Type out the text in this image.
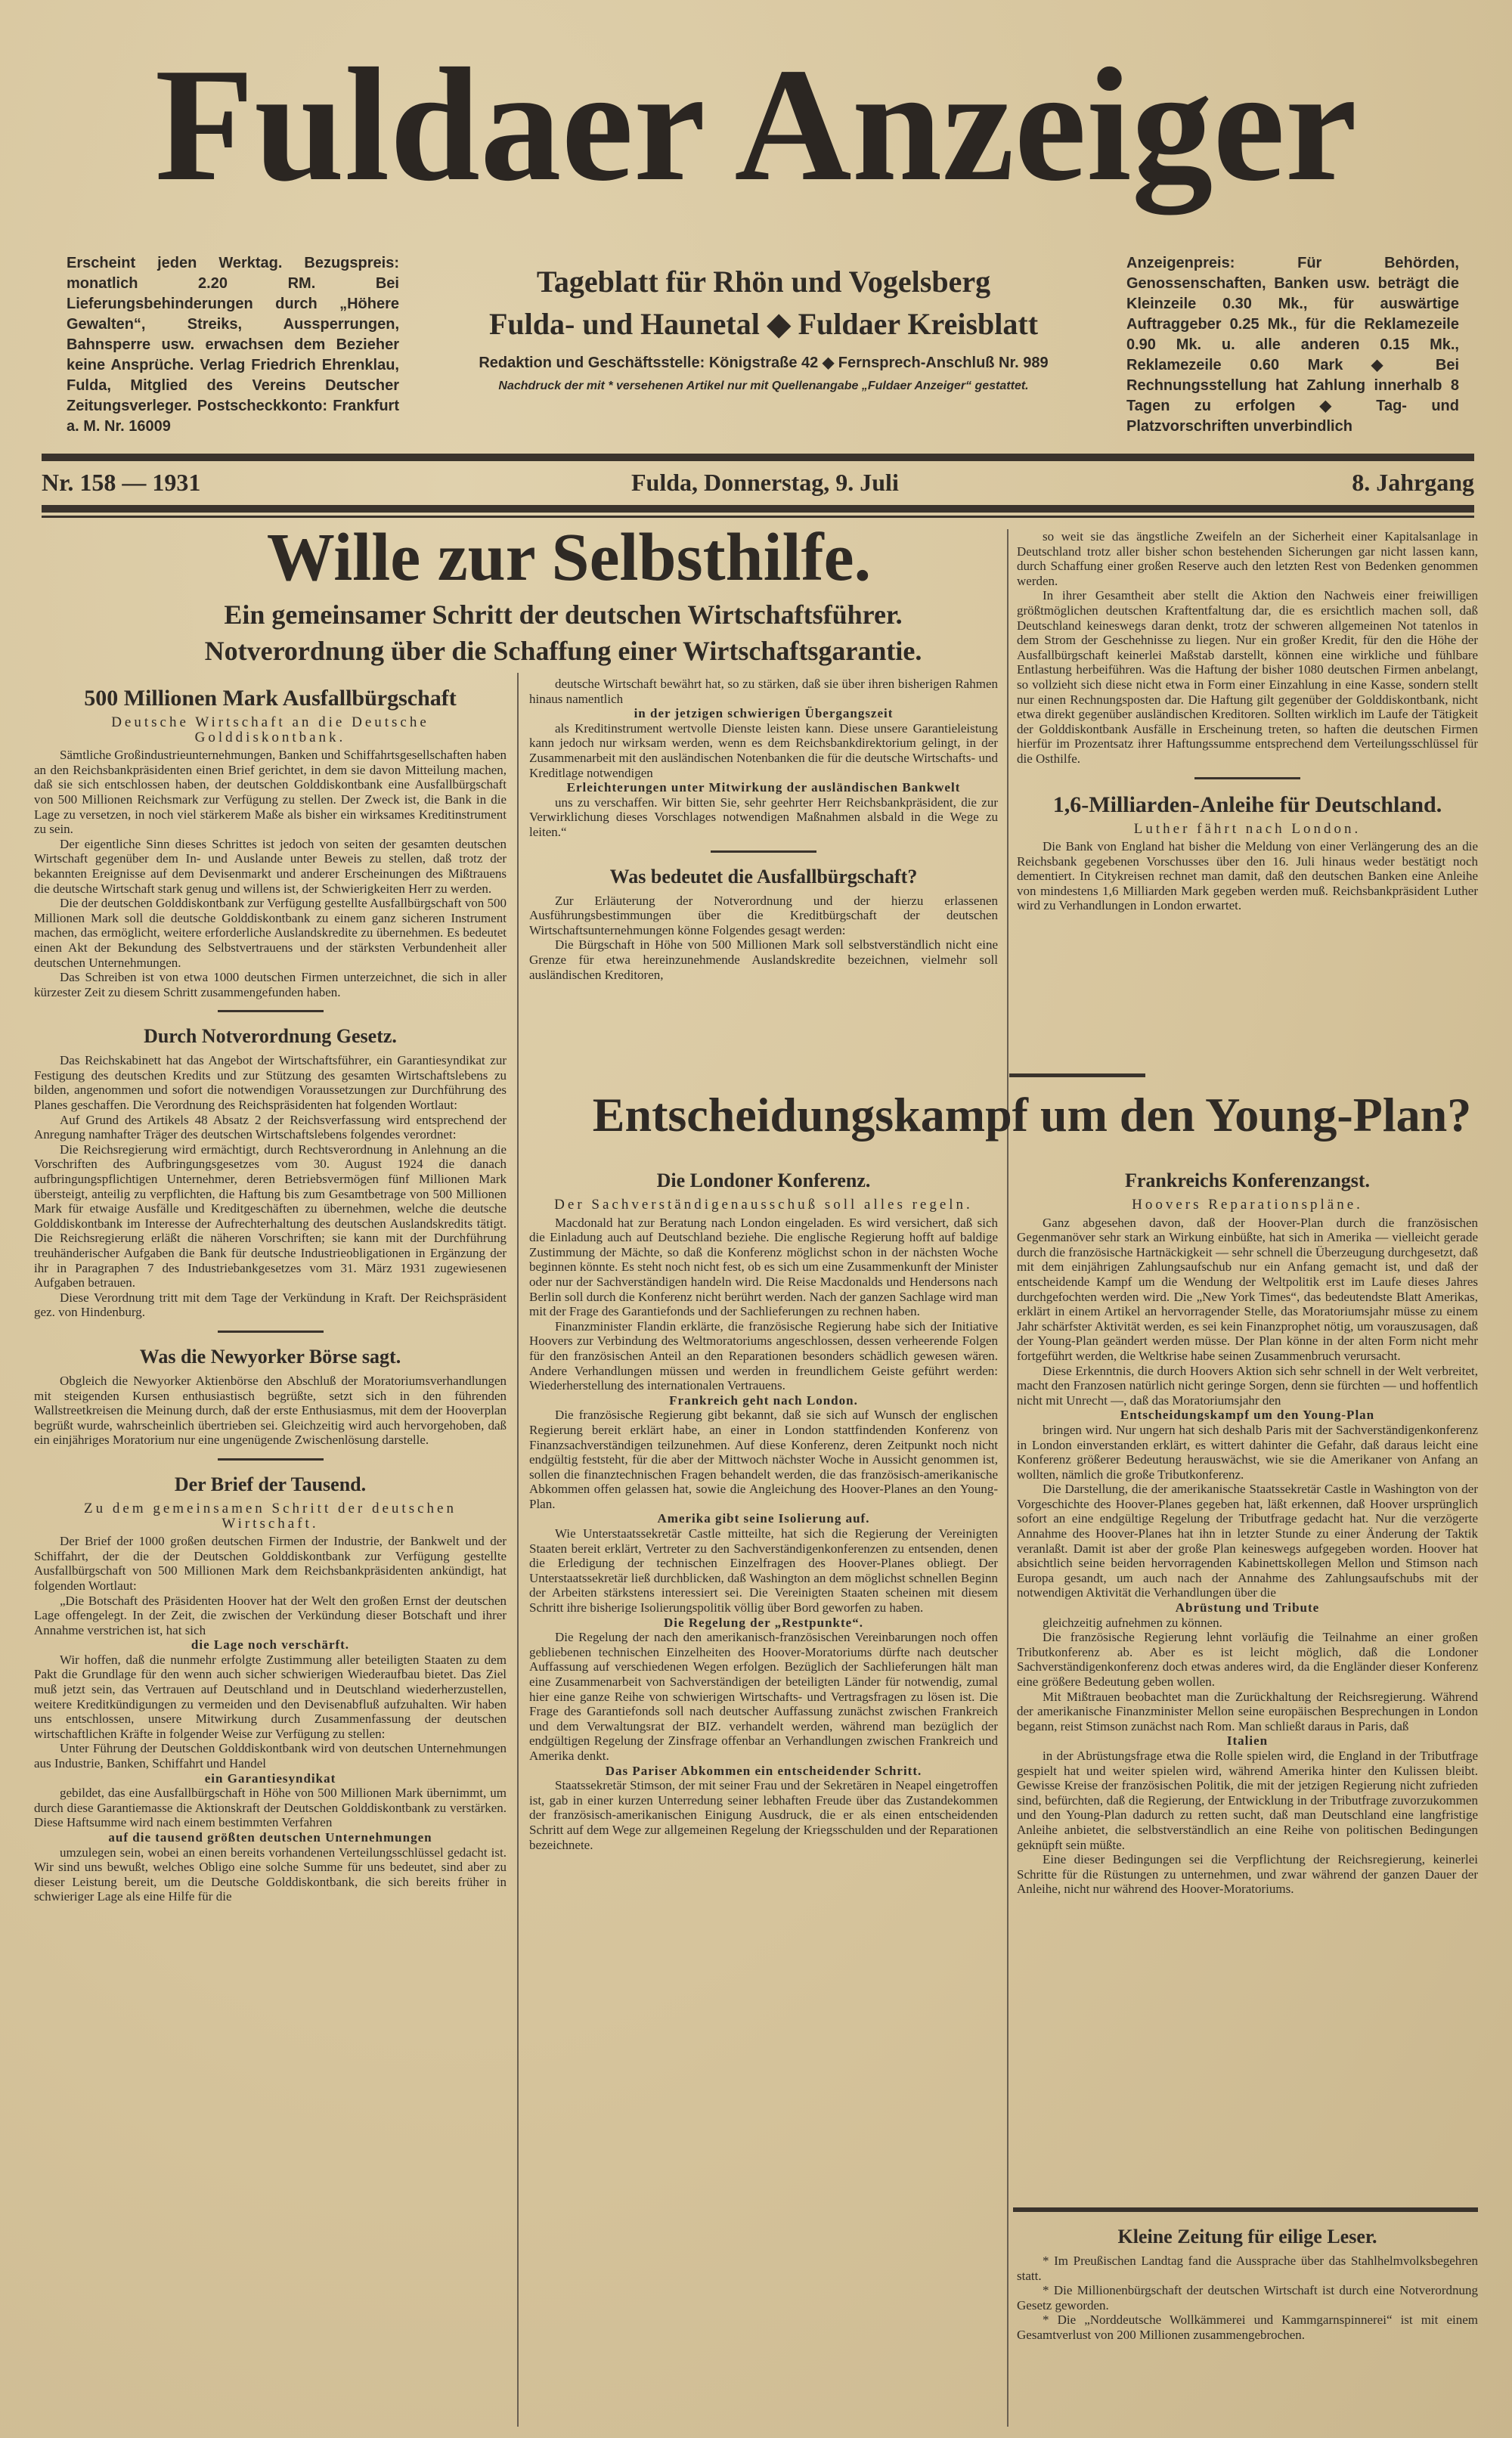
Fuldaer Anzeiger
Erscheint jeden Werktag. Bezugspreis: monatlich 2.20 RM. Bei Lieferungsbehinderungen durch „Höhere Gewalten“, Streiks, Aussperrungen, Bahnsperre usw. erwachsen dem Bezieher keine Ansprüche. Verlag Friedrich Ehrenklau, Fulda, Mitglied des Vereins Deutscher Zeitungsverleger. Postscheckkonto: Frankfurt a. M. Nr. 16009
Tageblatt für Rhön und Vogelsberg
Fulda- und Haunetal ◆ Fuldaer Kreisblatt
Redaktion und Geschäftsstelle: Königstraße 42 ◆ Fernsprech-Anschluß Nr. 989
Nachdruck der mit * versehenen Artikel nur mit Quellenangabe „Fuldaer Anzeiger“ gestattet.
Anzeigenpreis: Für Behörden, Genossenschaften, Banken usw. beträgt die Kleinzeile 0.30 Mk., für auswärtige Auftraggeber 0.25 Mk., für die Reklamezeile 0.90 Mk. u. alle anderen 0.15 Mk., Reklamezeile 0.60 Mark ◆ Bei Rechnungsstellung hat Zahlung innerhalb 8 Tagen zu erfolgen ◆ Tag- und Platzvorschriften unverbindlich
Nr. 158 — 1931	Fulda, Donnerstag, 9. Juli	8. Jahrgang
Wille zur Selbsthilfe.
Ein gemeinsamer Schritt der deutschen Wirtschaftsführer.
Notverordnung über die Schaffung einer Wirtschaftsgarantie.
500 Millionen Mark Ausfallbürgschaft
Deutsche Wirtschaft an die Deutsche Golddiskontbank.

Sämtliche Großindustrieunternehmungen, Banken und Schiffahrtsgesellschaften haben an den Reichsbankpräsidenten einen Brief gerichtet, in dem sie davon Mitteilung machen, daß sie sich entschlossen haben, der deutschen Golddiskontbank eine Ausfallbürgschaft von 500 Millionen Reichsmark zur Verfügung zu stellen. Der Zweck ist, die Bank in die Lage zu versetzen, in noch viel stärkerem Maße als bisher ein wirksames Kreditinstrument zu sein.

Der eigentliche Sinn dieses Schrittes ist jedoch von seiten der gesamten deutschen Wirtschaft gegenüber dem In- und Auslande unter Beweis zu stellen, daß trotz der bekannten Ereignisse auf dem Devisenmarkt und anderer Erscheinungen des Mißtrauens die deutsche Wirtschaft stark genug und willens ist, der Schwierigkeiten Herr zu werden.

Die der deutschen Golddiskontbank zur Verfügung gestellte Ausfallbürgschaft von 500 Millionen Mark soll die deutsche Golddiskontbank zu einem ganz sicheren Instrument machen, das ermöglicht, weitere erforderliche Auslandskredite zu übernehmen. Es bedeutet einen Akt der Bekundung des Selbstvertrauens und der stärksten Verbundenheit aller deutschen Unternehmungen.

Das Schreiben ist von etwa 1000 deutschen Firmen unterzeichnet, die sich in aller kürzester Zeit zu diesem Schritt zusammengefunden haben.

Durch Notverordnung Gesetz.

Das Reichskabinett hat das Angebot der Wirtschaftsführer, ein Garantiesyndikat zur Festigung des deutschen Kredits und zur Stützung des gesamten Wirtschaftslebens zu bilden, angenommen und sofort die notwendigen Voraussetzungen zur Durchführung des Planes geschaffen. Die Verordnung des Reichspräsidenten hat folgenden Wortlaut:

Auf Grund des Artikels 48 Absatz 2 der Reichsverfassung wird entsprechend der Anregung namhafter Träger des deutschen Wirtschaftslebens folgendes verordnet:

Die Reichsregierung wird ermächtigt, durch Rechtsverordnung in Anlehnung an die Vorschriften des Aufbringungsgesetzes vom 30. August 1924 die danach aufbringungspflichtigen Unternehmer, deren Betriebsvermögen fünf Millionen Mark übersteigt, anteilig zu verpflichten, die Haftung bis zum Gesamtbetrage von 500 Millionen Mark für etwaige Ausfälle und Kreditgeschäften zu übernehmen, welche die deutsche Golddiskontbank im Interesse der Aufrechterhaltung des deutschen Auslandskredits tätigt. Die Reichsregierung erläßt die näheren Vorschriften; sie kann mit der Durchführung treuhänderischer Aufgaben die Bank für deutsche Industrieobligationen in Ergänzung der ihr in Paragraphen 7 des Industriebankgesetzes vom 31. März 1931 zugewiesenen Aufgaben betrauen.

Diese Verordnung tritt mit dem Tage der Verkündung in Kraft. Der Reichspräsident gez. von Hindenburg.

Was die Newyorker Börse sagt.

Obgleich die Newyorker Aktienbörse den Abschluß der Moratoriumsverhandlungen mit steigenden Kursen enthusiastisch begrüßte, setzt sich in den führenden Wallstreetkreisen die Meinung durch, daß der erste Enthusiasmus, mit dem der Hooverplan begrüßt wurde, wahrscheinlich übertrieben sei. Gleichzeitig wird auch hervorgehoben, daß ein einjähriges Moratorium nur eine ungenügende Zwischenlösung darstelle.

Der Brief der Tausend.
Zu dem gemeinsamen Schritt der deutschen Wirtschaft.

Der Brief der 1000 großen deutschen Firmen der Industrie, der Bankwelt und der Schiffahrt, der die der Deutschen Golddiskontbank zur Verfügung gestellte Ausfallbürgschaft von 500 Millionen Mark dem Reichsbankpräsidenten ankündigt, hat folgenden Wortlaut:

„Die Botschaft des Präsidenten Hoover hat der Welt den großen Ernst der deutschen Lage offengelegt. In der Zeit, die zwischen der Verkündung dieser Botschaft und ihrer Annahme verstrichen ist, hat sich

die Lage noch verschärft.

Wir hoffen, daß die nunmehr erfolgte Zustimmung aller beteiligten Staaten zu dem Pakt die Grundlage für den wenn auch sicher schwierigen Wiederaufbau bietet. Das Ziel muß jetzt sein, das Vertrauen auf Deutschland und in Deutschland wiederherzustellen, weitere Kreditkündigungen zu vermeiden und den Devisenabfluß aufzuhalten. Wir haben uns entschlossen, unsere Mitwirkung durch Zusammenfassung der deutschen wirtschaftlichen Kräfte in folgender Weise zur Verfügung zu stellen:

Unter Führung der Deutschen Golddiskontbank wird von deutschen Unternehmungen aus Industrie, Banken, Schiffahrt und Handel

ein Garantiesyndikat

gebildet, das eine Ausfallbürgschaft in Höhe von 500 Millionen Mark übernimmt, um durch diese Garantiemasse die Aktionskraft der Deutschen Golddiskontbank zu verstärken. Diese Haftsumme wird nach einem bestimmten Verfahren

auf die tausend größten deutschen Unternehmungen

umzulegen sein, wobei an einen bereits vorhandenen Verteilungsschlüssel gedacht ist. Wir sind uns bewußt, welches Obligo eine solche Summe für uns bedeutet, sind aber zu dieser Leistung bereit, um die Deutsche Golddiskontbank, die sich bereits früher in schwieriger Lage als eine Hilfe für die

deutsche Wirtschaft bewährt hat, so zu stärken, daß sie über ihren bisherigen Rahmen hinaus namentlich

in der jetzigen schwierigen Übergangszeit

als Kreditinstrument wertvolle Dienste leisten kann. Diese unsere Garantieleistung kann jedoch nur wirksam werden, wenn es dem Reichsbankdirektorium gelingt, in der Zusammenarbeit mit den ausländischen Notenbanken die für die deutsche Wirtschafts- und Kreditlage notwendigen

Erleichterungen unter Mitwirkung der ausländischen Bankwelt

uns zu verschaffen. Wir bitten Sie, sehr geehrter Herr Reichsbankpräsident, die zur Verwirklichung dieses Vorschlages notwendigen Maßnahmen alsbald in die Wege zu leiten.“

Was bedeutet die Ausfallbürgschaft?

Zur Erläuterung der Notverordnung und der hierzu erlassenen Ausführungsbestimmungen über die Kreditbürgschaft der deutschen Wirtschaftsunternehmungen könne Folgendes gesagt werden:

Die Bürgschaft in Höhe von 500 Millionen Mark soll selbstverständlich nicht eine Grenze für etwa hereinzunehmende Auslandskredite bezeichnen, vielmehr soll ausländischen Kreditoren,

so weit sie das ängstliche Zweifeln an der Sicherheit einer Kapitalsanlage in Deutschland trotz aller bisher schon bestehenden Sicherungen gar nicht lassen kann, durch Schaffung einer großen Reserve auch den letzten Rest von Bedenken genommen werden.

In ihrer Gesamtheit aber stellt die Aktion den Nachweis einer freiwilligen größtmöglichen deutschen Kraftentfaltung dar, die es ersichtlich machen soll, daß Deutschland keineswegs daran denkt, trotz der schweren allgemeinen Not tatenlos in dem Strom der Geschehnisse zu liegen. Nur ein großer Kredit, für den die Höhe der Ausfallbürgschaft keinerlei Maßstab darstellt, können eine wirkliche und fühlbare Entlastung herbeiführen. Was die Haftung der bisher 1080 deutschen Firmen anbelangt, so vollzieht sich diese nicht etwa in Form einer Einzahlung in eine Kasse, sondern stellt nur einen Rechnungsposten dar. Die Haftung gilt gegenüber der Golddiskontbank, nicht etwa direkt gegenüber ausländischen Kreditoren. Sollten wirklich im Laufe der Tätigkeit der Golddiskontbank Ausfälle in Erscheinung treten, so haften die deutschen Firmen hierfür im Prozentsatz ihrer Haftungssumme entsprechend dem Verteilungsschlüssel für die Osthilfe.

1,6-Milliarden-Anleihe für Deutschland.
Luther fährt nach London.

Die Bank von England hat bisher die Meldung von einer Verlängerung des an die Reichsbank gegebenen Vorschusses über den 16. Juli hinaus weder bestätigt noch dementiert. In Citykreisen rechnet man damit, daß den deutschen Banken eine Anleihe von mindestens 1,6 Milliarden Mark gegeben werden muß. Reichsbankpräsident Luther wird zu Verhandlungen in London erwartet.

Entscheidungskampf um den Young-Plan?
Die Londoner Konferenz.
Der Sachverständigenausschuß soll alles regeln.

Macdonald hat zur Beratung nach London eingeladen. Es wird versichert, daß sich die Einladung auch auf Deutschland beziehe. Die englische Regierung hofft auf baldige Zustimmung der Mächte, so daß die Konferenz möglichst schon in der nächsten Woche beginnen könnte. Es steht noch nicht fest, ob es sich um eine Zusammenkunft der Minister oder nur der Sachverständigen handeln wird. Die Reise Macdonalds und Hendersons nach Berlin soll durch die Konferenz nicht berührt werden. Nach der ganzen Sachlage wird man mit der Frage des Garantiefonds und der Sachlieferungen zu rechnen haben.

Finanzminister Flandin erklärte, die französische Regierung habe sich der Initiative Hoovers zur Verbindung des Weltmoratoriums angeschlossen, dessen verheerende Folgen für den französischen Anteil an den Reparationen besonders schädlich gewesen wären. Andere Verhandlungen müssen und werden in freundlichem Geiste geführt werden: Wiederherstellung des internationalen Vertrauens.

Frankreich geht nach London.

Die französische Regierung gibt bekannt, daß sie sich auf Wunsch der englischen Regierung bereit erklärt habe, an einer in London stattfindenden Konferenz von Finanzsachverständigen teilzunehmen. Auf diese Konferenz, deren Zeitpunkt noch nicht endgültig feststeht, für die aber der Mittwoch nächster Woche in Aussicht genommen ist, sollen die finanztechnischen Fragen behandelt werden, die das französisch-amerikanische Abkommen offen gelassen hat, sowie die Angleichung des Hoover-Planes an den Young-Plan.

Amerika gibt seine Isolierung auf.

Wie Unterstaatssekretär Castle mitteilte, hat sich die Regierung der Vereinigten Staaten bereit erklärt, Vertreter zu den Sachverständigenkonferenzen zu entsenden, denen die Erledigung der technischen Einzelfragen des Hoover-Planes obliegt. Der Unterstaatssekretär ließ durchblicken, daß Washington an dem möglichst schnellen Beginn der Arbeiten stärkstens interessiert sei. Die Vereinigten Staaten scheinen mit diesem Schritt ihre bisherige Isolierungspolitik völlig über Bord geworfen zu haben.

Die Regelung der „Restpunkte“.

Die Regelung der nach den amerikanisch-französischen Vereinbarungen noch offen gebliebenen technischen Einzelheiten des Hoover-Moratoriums dürfte nach deutscher Auffassung auf verschiedenen Wegen erfolgen. Bezüglich der Sachlieferungen hält man eine Zusammenarbeit von Sachverständigen der beteiligten Länder für notwendig, zumal hier eine ganze Reihe von schwierigen Wirtschafts- und Vertragsfragen zu lösen ist. Die Frage des Garantiefonds soll nach deutscher Auffassung zunächst zwischen Frankreich und dem Verwaltungsrat der BIZ. verhandelt werden, während man bezüglich der endgültigen Regelung der Zinsfrage offenbar an Verhandlungen zwischen Frankreich und Amerika denkt.

Das Pariser Abkommen ein entscheidender Schritt.

Staatssekretär Stimson, der mit seiner Frau und der Sekretären in Neapel eingetroffen ist, gab in einer kurzen Unterredung seiner lebhaften Freude über das Zustandekommen der französisch-amerikanischen Einigung Ausdruck, die er als einen entscheidenden Schritt auf dem Wege zur allgemeinen Regelung der Kriegsschulden und der Reparationen bezeichnete.

Frankreichs Konferenzangst.
Hoovers Reparationspläne.

Ganz abgesehen davon, daß der Hoover-Plan durch die französischen Gegenmanöver sehr stark an Wirkung einbüßte, hat sich in Amerika — vielleicht gerade durch die französische Hartnäckigkeit — sehr schnell die Überzeugung durchgesetzt, daß mit dem einjährigen Zahlungsaufschub nur ein Anfang gemacht ist, und daß der entscheidende Kampf um die Wendung der Weltpolitik erst im Laufe dieses Jahres durchgefochten werden wird. Die „New York Times“, das bedeutendste Blatt Amerikas, erklärt in einem Artikel an hervorragender Stelle, das Moratoriumsjahr müsse zu einem Jahr schärfster Aktivität werden, es sei kein Finanzprophet nötig, um vorauszusagen, daß der Young-Plan geändert werden müsse. Der Plan könne in der alten Form nicht mehr fortgeführt werden, die Weltkrise habe seinen Zusammenbruch verursacht.

Diese Erkenntnis, die durch Hoovers Aktion sich sehr schnell in der Welt verbreitet, macht den Franzosen natürlich nicht geringe Sorgen, denn sie fürchten — und hoffentlich nicht mit Unrecht —, daß das Moratoriumsjahr den

Entscheidungskampf um den Young-Plan

bringen wird. Nur ungern hat sich deshalb Paris mit der Sachverständigenkonferenz in London einverstanden erklärt, es wittert dahinter die Gefahr, daß daraus leicht eine Konferenz größerer Bedeutung herauswächst, wie sie die Amerikaner von Anfang an wollten, nämlich die große Tributkonferenz.

Die Darstellung, die der amerikanische Staatssekretär Castle in Washington von der Vorgeschichte des Hoover-Planes gegeben hat, läßt erkennen, daß Hoover ursprünglich sofort an eine endgültige Regelung der Tributfrage gedacht hat. Nur die verzögerte Annahme des Hoover-Planes hat ihn in letzter Stunde zu einer Änderung der Taktik veranlaßt. Damit ist aber der große Plan keineswegs aufgegeben worden. Hoover hat absichtlich seine beiden hervorragenden Kabinettskollegen Mellon und Stimson nach Europa gesandt, um auch nach der Annahme des Zahlungsaufschubs mit der notwendigen Aktivität die Verhandlungen über die

Abrüstung und Tribute

gleichzeitig aufnehmen zu können.

Die französische Regierung lehnt vorläufig die Teilnahme an einer großen Tributkonferenz ab. Aber es ist leicht möglich, daß die Londoner Sachverständigenkonferenz doch etwas anderes wird, da die Engländer dieser Konferenz eine größere Bedeutung geben wollen.

Mit Mißtrauen beobachtet man die Zurückhaltung der Reichsregierung. Während der amerikanische Finanzminister Mellon seine europäischen Besprechungen in London begann, reist Stimson zunächst nach Rom. Man schließt daraus in Paris, daß

Italien

in der Abrüstungsfrage etwa die Rolle spielen wird, die England in der Tributfrage gespielt hat und weiter spielen wird, während Amerika hinter den Kulissen bleibt. Gewisse Kreise der französischen Politik, die mit der jetzigen Regierung nicht zufrieden sind, befürchten, daß die Regierung, der Entwicklung in der Tributfrage zuvorzukommen und den Young-Plan dadurch zu retten sucht, daß man Deutschland eine langfristige Anleihe anbietet, die selbstverständlich an eine Reihe von politischen Bedingungen geknüpft sein müßte.

Eine dieser Bedingungen sei die Verpflichtung der Reichsregierung, keinerlei Schritte für die Rüstungen zu unternehmen, und zwar während der ganzen Dauer der Anleihe, nicht nur während des Hoover-Moratoriums.

Kleine Zeitung für eilige Leser.

* Im Preußischen Landtag fand die Aussprache über das Stahlhelmvolksbegehren statt.

* Die Millionenbürgschaft der deutschen Wirtschaft ist durch eine Notverordnung Gesetz geworden.

* Die „Norddeutsche Wollkämmerei und Kammgarnspinnerei“ ist mit einem Gesamtverlust von 200 Millionen zusammengebrochen.
